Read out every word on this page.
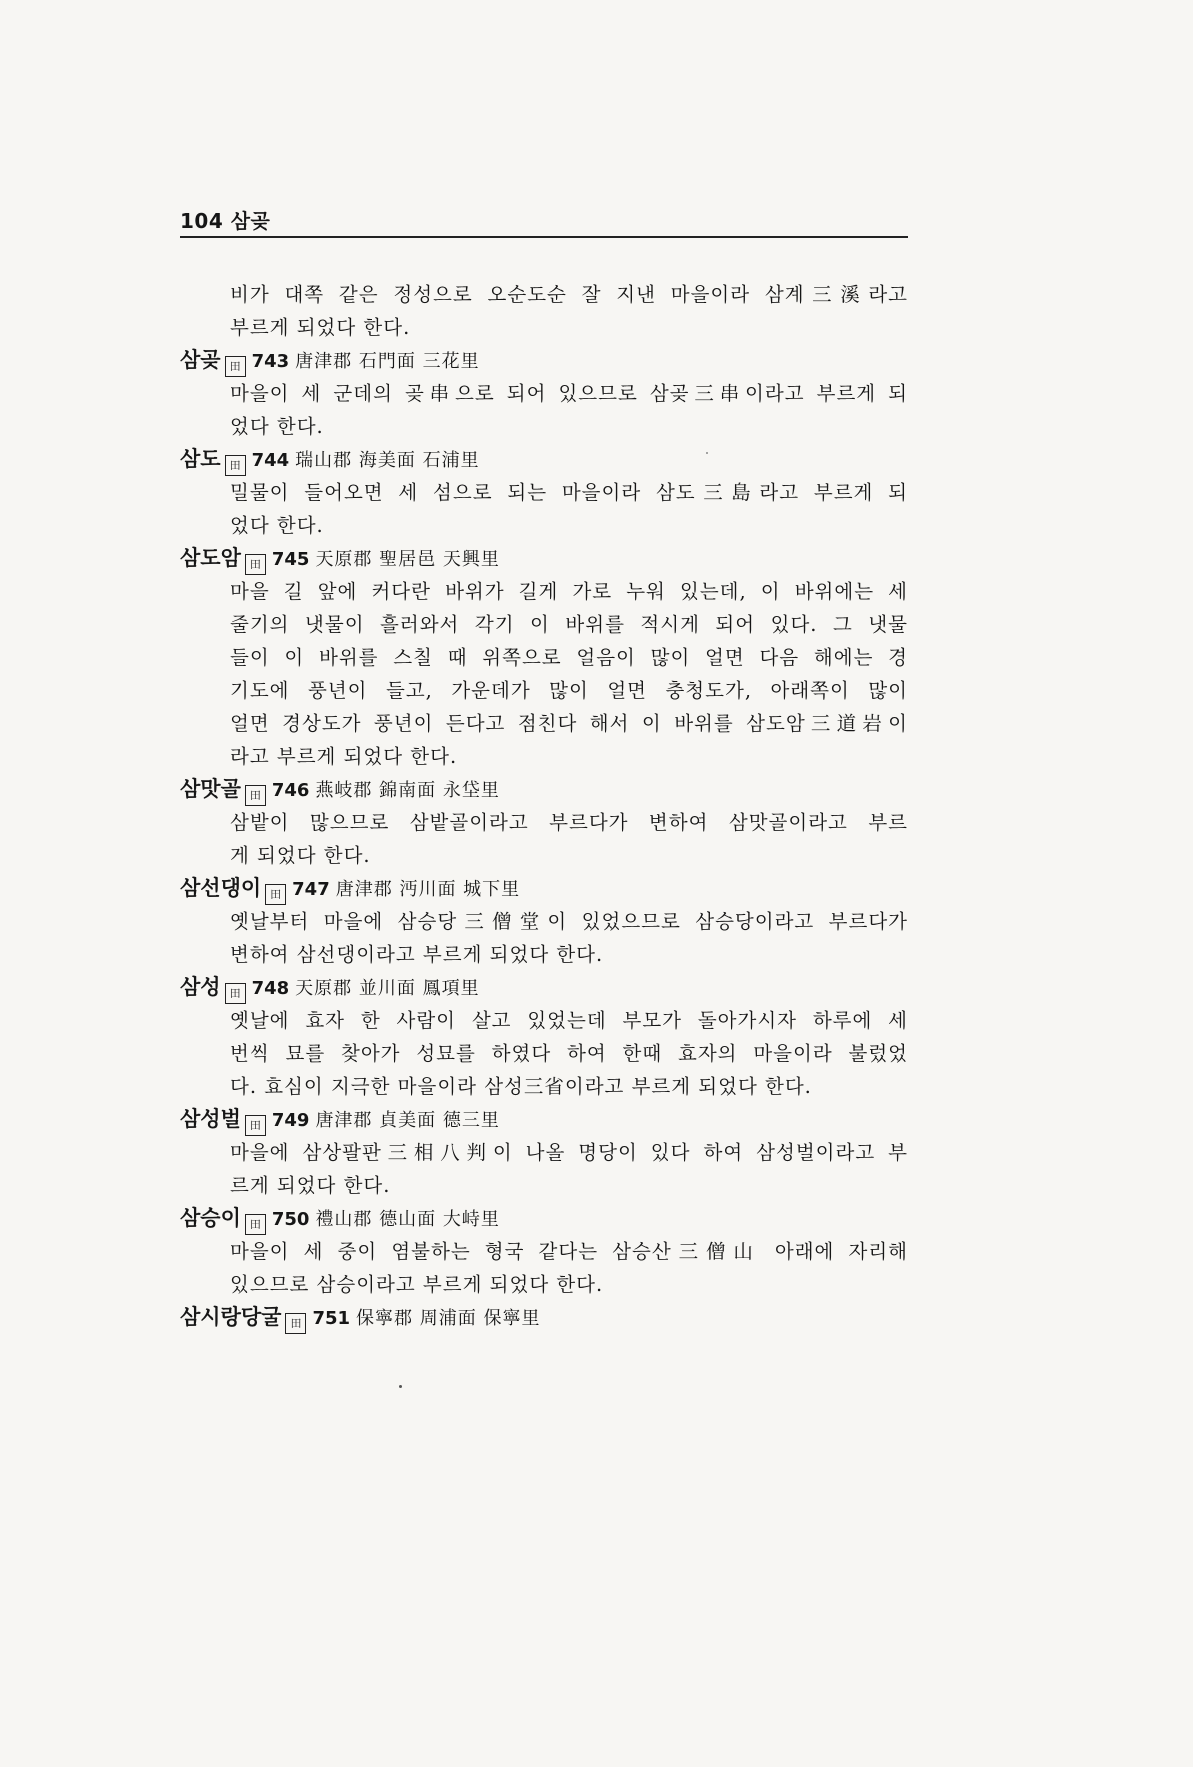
104 삼곶
비가 대쪽 같은 정성으로 오순도순 잘 지낸 마을이라 삼계三溪라고
부르게 되었다 한다.
삼곶 田 743 唐津郡 石門面 三花里
마을이 세 군데의 곶串으로 되어 있으므로 삼곶三串이라고 부르게 되
었다 한다.
삼도 田 744 瑞山郡 海美面 石浦里
밀물이 들어오면 세 섬으로 되는 마을이라 삼도三島라고 부르게 되
었다 한다.
삼도암 田 745 天原郡 聖居邑 天興里
마을 길 앞에 커다란 바위가 길게 가로 누워 있는데, 이 바위에는 세
줄기의 냇물이 흘러와서 각기 이 바위를 적시게 되어 있다. 그 냇물
들이 이 바위를 스칠 때 위쪽으로 얼음이 많이 얼면 다음 해에는 경
기도에 풍년이 들고, 가운데가 많이 얼면 충청도가, 아래쪽이 많이
얼면 경상도가 풍년이 든다고 점친다 해서 이 바위를 삼도암三道岩이
라고 부르게 되었다 한다.
삼맛골 田 746 燕岐郡 錦南面 永垈里
삼밭이 많으므로 삼밭골이라고 부르다가 변하여 삼맛골이라고 부르
게 되었다 한다.
삼선댕이 田 747 唐津郡 沔川面 城下里
옛날부터 마을에 삼승당三僧堂이 있었으므로 삼승당이라고 부르다가
변하여 삼선댕이라고 부르게 되었다 한다.
삼성 田 748 天原郡 並川面 鳳項里
옛날에 효자 한 사람이 살고 있었는데 부모가 돌아가시자 하루에 세
번씩 묘를 찾아가 성묘를 하였다 하여 한때 효자의 마을이라 불렀었
다. 효심이 지극한 마을이라 삼성三省이라고 부르게 되었다 한다.
삼성벌 田 749 唐津郡 貞美面 德三里
마을에 삼상팔판三相八判이 나올 명당이 있다 하여 삼성벌이라고 부
르게 되었다 한다.
삼승이 田 750 禮山郡 德山面 大峙里
마을이 세 중이 염불하는 형국 같다는 삼승산三僧山 아래에 자리해
있으므로 삼승이라고 부르게 되었다 한다.
삼시랑당굴 田 751 保寧郡 周浦面 保寧里
